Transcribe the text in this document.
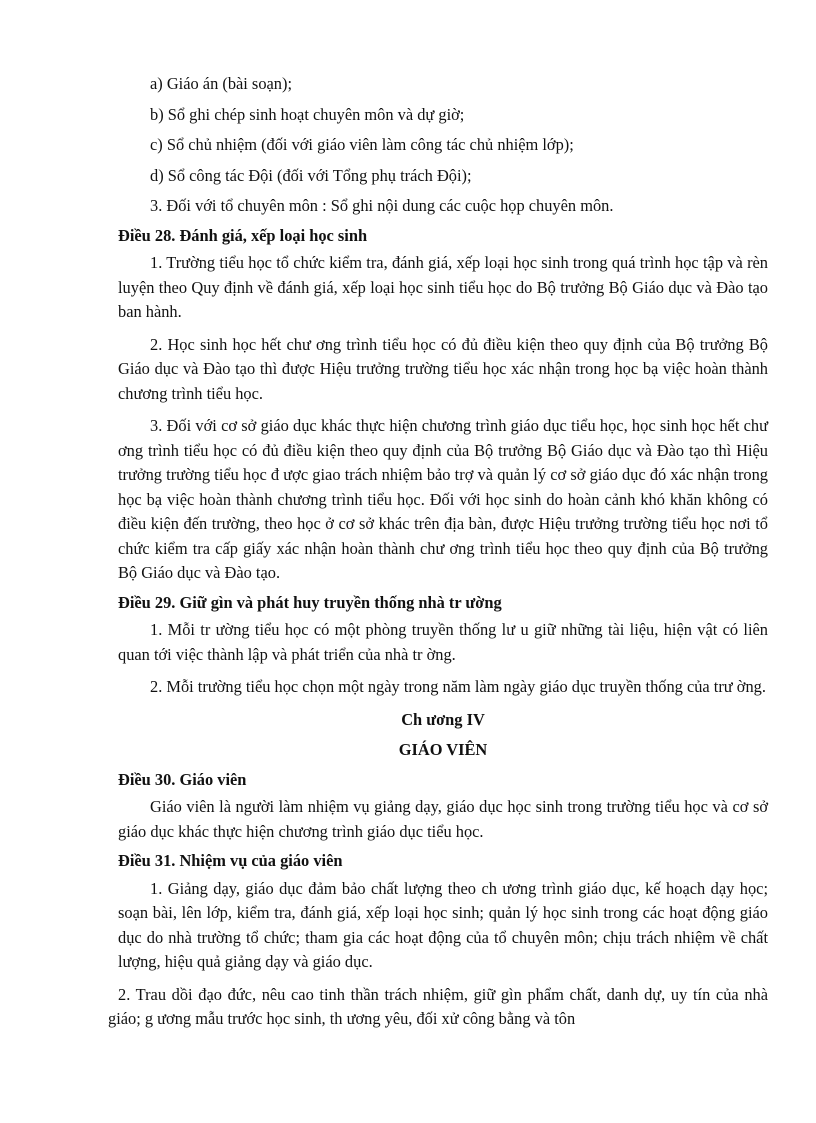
a) Giáo án (bài soạn);

b) Sổ ghi chép sinh hoạt chuyên môn và dự giờ;

c) Sổ chủ nhiệm (đối với giáo viên làm công tác chủ nhiệm lớp);

d) Sổ công tác Đội (đối với Tổng phụ trách Đội);

3. Đối với tổ chuyên môn : Sổ ghi nội dung các cuộc họp chuyên môn.

Điều 28. Đánh giá, xếp loại học sinh

1. Trường tiểu học tổ chức kiểm tra, đánh giá, xếp loại học sinh trong quá trình học tập và rèn luyện theo Quy định về đánh giá, xếp loại học sinh tiểu học do Bộ trưởng Bộ Giáo dục và Đào tạo ban hành.

2. Học sinh học hết chư ơng trình tiểu học có đủ điều kiện theo quy định của Bộ trưởng Bộ Giáo dục và Đào tạo thì được Hiệu trưởng trường tiểu học xác nhận trong học bạ việc hoàn thành chương trình tiểu học.

3. Đối với cơ sở giáo dục khác thực hiện chương trình giáo dục tiểu học, học sinh học hết chư ơng trình tiểu học có đủ điều kiện theo quy định của Bộ trưởng Bộ Giáo dục và Đào tạo thì Hiệu trưởng trường tiểu học đ ược giao trách nhiệm bảo trợ và quản lý cơ sở giáo dục đó xác nhận trong học bạ việc hoàn thành chương trình tiểu học. Đối với học sinh do hoàn cảnh khó khăn không có điều kiện đến trường, theo học ở cơ sở khác trên địa bàn, được Hiệu trưởng trường tiểu học nơi tổ chức kiểm tra cấp giấy xác nhận hoàn thành chư ơng trình tiểu học theo quy định của Bộ trưởng Bộ Giáo dục và Đào tạo.

Điều 29. Giữ gìn và phát huy truyền thống nhà tr ường

1. Mỗi tr ường tiểu học có một phòng truyền thống lư u giữ những tài liệu, hiện vật có liên quan tới việc thành lập và phát triển của nhà tr ờng.

2. Mỗi trường tiểu học chọn một ngày trong năm làm ngày giáo dục truyền thống của trư ờng.

Ch ương IV

GIÁO VIÊN

Điều 30. Giáo viên

Giáo viên là người làm nhiệm vụ giảng dạy, giáo dục học sinh trong trường tiểu học và cơ sở giáo dục khác thực hiện chương trình giáo dục tiểu học.

Điều 31. Nhiệm vụ của giáo viên

1. Giảng dạy, giáo dục đảm bảo chất lượng theo ch ương trình giáo dục, kế hoạch dạy học; soạn bài, lên lớp, kiểm tra, đánh giá, xếp loại học sinh; quản lý học sinh trong các hoạt động giáo dục do nhà trường tổ chức; tham gia các hoạt động của tổ chuyên môn; chịu trách nhiệm về chất lượng, hiệu quả giảng dạy và giáo dục.

2. Trau dồi đạo đức, nêu cao tinh thần trách nhiệm, giữ gìn phẩm chất, danh dự, uy tín của nhà giáo; g ương mẫu trước học sinh, th ương yêu, đối xử công bằng và tôn
